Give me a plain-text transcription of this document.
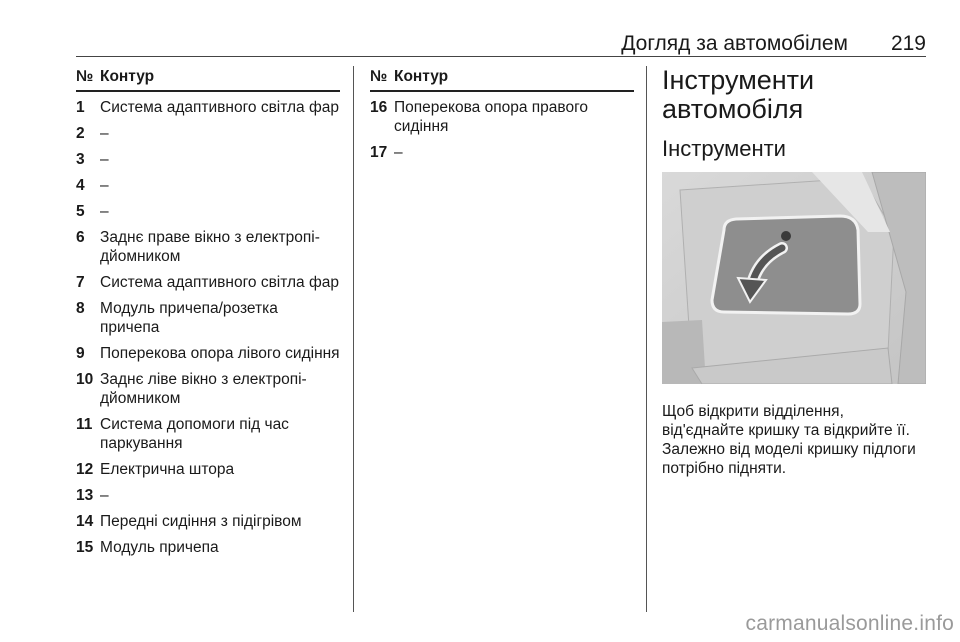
Догляд за автомобілем 219
№ Контур
1 Система адаптивного світла фар
2 –
3 –
4 –
5 –
6 Заднє праве вікно з електропідйомником
7 Система адаптивного світла фар
8 Модуль причепа/розетка причепа
9 Поперекова опора лівого сидіння
10 Заднє ліве вікно з електропідйомником
11 Система допомоги під час паркування
12 Електрична штора
13 –
14 Передні сидіння з підігрівом
15 Модуль причепа
№ Контур
16 Поперекова опора правого сидіння
17 –
Інструменти
автомобіля
Інструменти
Щоб відкрити відділення,
від'єднайте кришку та відкрийте її.
Залежно від моделі кришку підлоги
потрібно підняти.
carmanualsonline.info
